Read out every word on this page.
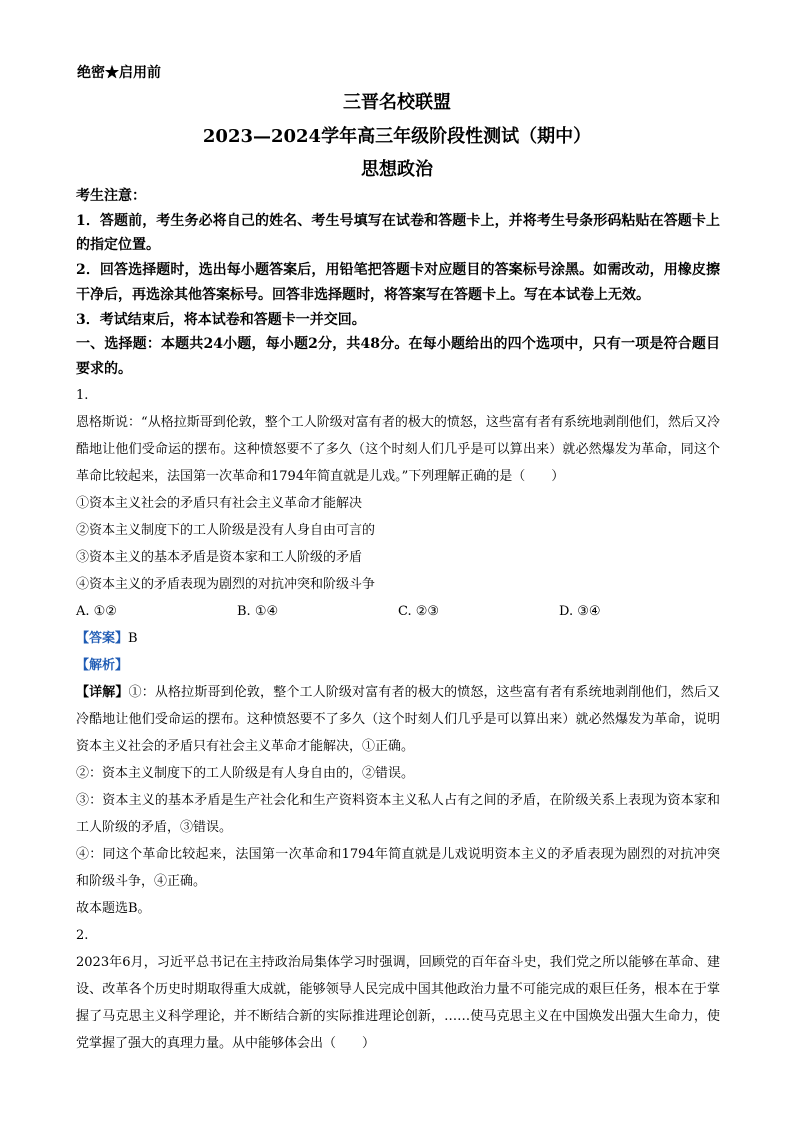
绝密★启用前
三晋名校联盟
2023—2024学年高三年级阶段性测试（期中）
思想政治

考生注意：

1．答题前，考生务必将自己的姓名、考生号填写在试卷和答题卡上，并将考生号条形码粘贴在答题卡上的指定位置。

2．回答选择题时，选出每小题答案后，用铅笔把答题卡对应题目的答案标号涂黑。如需改动，用橡皮擦干净后，再选涂其他答案标号。回答非选择题时，将答案写在答题卡上。写在本试卷上无效。

3．考试结束后，将本试卷和答题卡一并交回。

一、选择题：本题共24小题，每小题2分，共48分。在每小题给出的四个选项中，只有一项是符合题目要求的。

1.

恩格斯说：“从格拉斯哥到伦敦，整个工人阶级对富有者的极大的愤怒，这些富有者有系统地剥削他们，然后又冷酷地让他们受命运的摆布。这种愤怒要不了多久（这个时刻人们几乎是可以算出来）就必然爆发为革命，同这个革命比较起来，法国第一次革命和1794年简直就是儿戏。”下列理解正确的是（　　）

①资本主义社会的矛盾只有社会主义革命才能解决

②资本主义制度下的工人阶级是没有人身自由可言的

③资本主义的基本矛盾是资本家和工人阶级的矛盾

④资本主义的矛盾表现为剧烈的对抗冲突和阶级斗争

A. ①②	B. ①④	C. ②③	D. ③④

【答案】B

【解析】

【详解】①：从格拉斯哥到伦敦，整个工人阶级对富有者的极大的愤怒，这些富有者有系统地剥削他们，然后又冷酷地让他们受命运的摆布。这种愤怒要不了多久（这个时刻人们几乎是可以算出来）就必然爆发为革命，说明资本主义社会的矛盾只有社会主义革命才能解决，①正确。

②：资本主义制度下的工人阶级是有人身自由的，②错误。

③：资本主义的基本矛盾是生产社会化和生产资料资本主义私人占有之间的矛盾，在阶级关系上表现为资本家和工人阶级的矛盾，③错误。

④：同这个革命比较起来，法国第一次革命和1794年简直就是儿戏说明资本主义的矛盾表现为剧烈的对抗冲突和阶级斗争，④正确。

故本题选B。

2.

2023年6月，习近平总书记在主持政治局集体学习时强调，回顾党的百年奋斗史，我们党之所以能够在革命、建设、改革各个历史时期取得重大成就，能够领导人民完成中国其他政治力量不可能完成的艰巨任务，根本在于掌握了马克思主义科学理论，并不断结合新的实际推进理论创新，……使马克思主义在中国焕发出强大生命力，使党掌握了强大的真理力量。从中能够体会出（　　）
